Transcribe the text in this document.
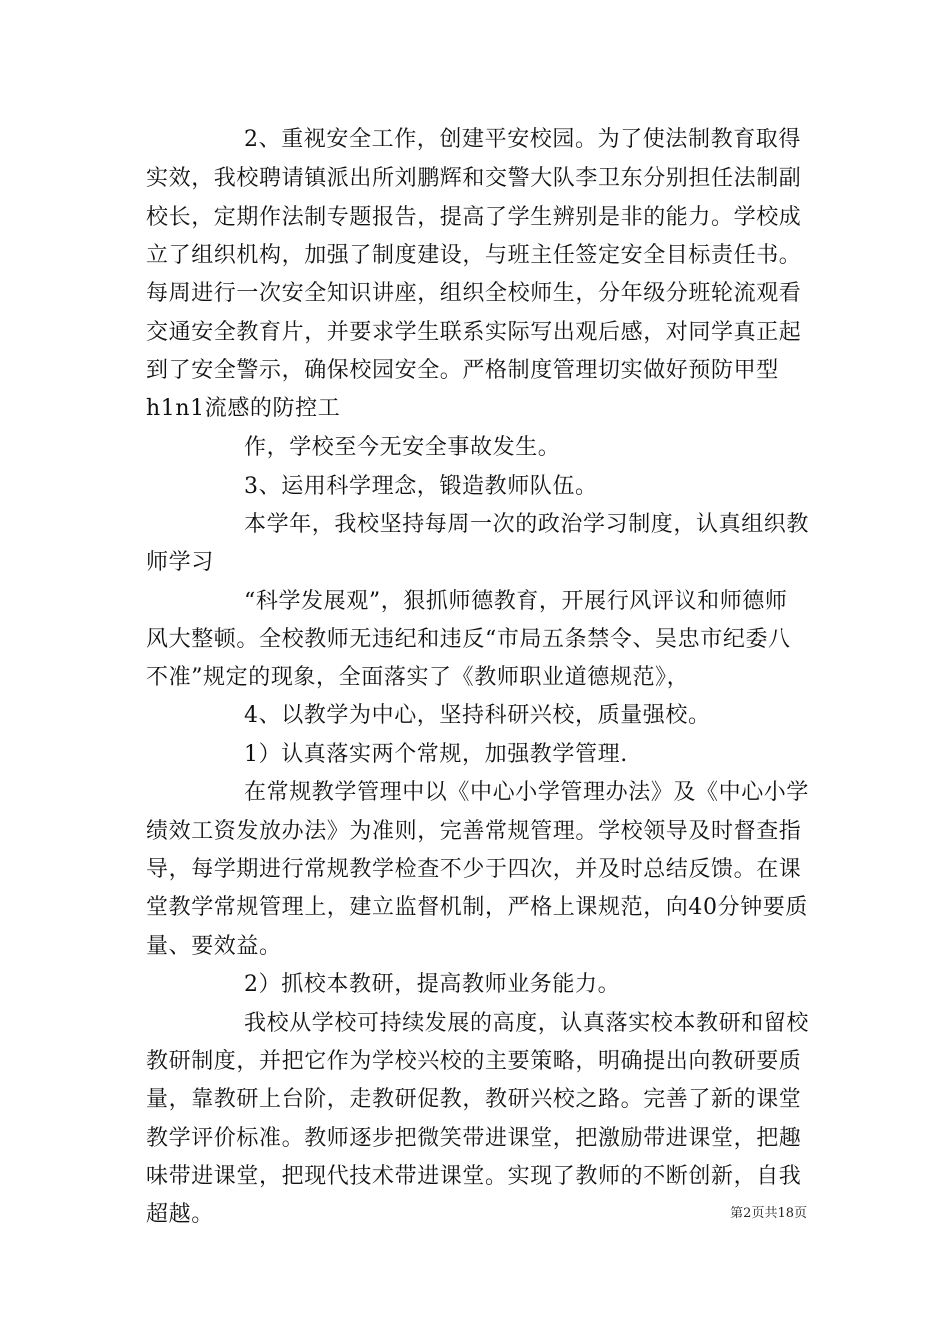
2、重视安全工作，创建平安校园。为了使法制教育取得
实效，我校聘请镇派出所刘鹏辉和交警大队李卫东分别担任法制副
校长，定期作法制专题报告，提高了学生辨别是非的能力。学校成
立了组织机构，加强了制度建设，与班主任签定安全目标责任书。
每周进行一次安全知识讲座，组织全校师生，分年级分班轮流观看
交通安全教育片，并要求学生联系实际写出观后感，对同学真正起
到了安全警示，确保校园安全。严格制度管理切实做好预防甲型
h1n1流感的防控工
作，学校至今无安全事故发生。
3、运用科学理念，锻造教师队伍。
本学年，我校坚持每周一次的政治学习制度，认真组织教
师学习
“科学发展观”，狠抓师德教育，开展行风评议和师德师
风大整顿。全校教师无违纪和违反“市局五条禁令、吴忠市纪委八
不准”规定的现象，全面落实了《教师职业道德规范》，
4、以教学为中心，坚持科研兴校，质量强校。
1）认真落实两个常规，加强教学管理.
在常规教学管理中以《中心小学管理办法》及《中心小学
绩效工资发放办法》为准则，完善常规管理。学校领导及时督查指
导，每学期进行常规教学检查不少于四次，并及时总结反馈。在课
堂教学常规管理上，建立监督机制，严格上课规范，向40分钟要质
量、要效益。
2）抓校本教研，提高教师业务能力。
我校从学校可持续发展的高度，认真落实校本教研和留校
教研制度，并把它作为学校兴校的主要策略，明确提出向教研要质
量，靠教研上台阶，走教研促教，教研兴校之路。完善了新的课堂
教学评价标准。教师逐步把微笑带进课堂，把激励带进课堂，把趣
味带进课堂，把现代技术带进课堂。实现了教师的不断创新，自我
超越。	第2页共18页
